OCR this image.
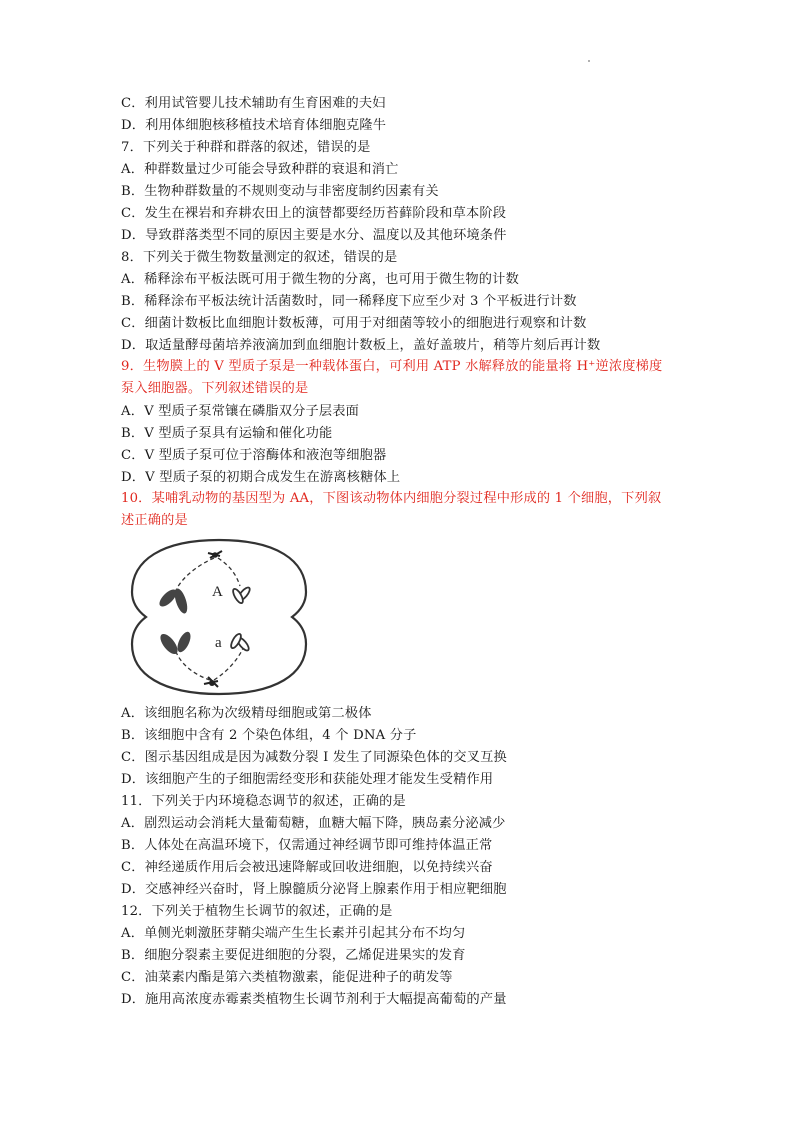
C．利用试管婴儿技术辅助有生育困难的夫妇
D．利用体细胞核移植技术培育体细胞克隆牛
7．下列关于种群和群落的叙述，错误的是
A．种群数量过少可能会导致种群的衰退和消亡
B．生物种群数量的不规则变动与非密度制约因素有关
C．发生在裸岩和弃耕农田上的演替都要经历苔藓阶段和草本阶段
D．导致群落类型不同的原因主要是水分、温度以及其他环境条件
8．下列关于微生物数量测定的叙述，错误的是
A．稀释涂布平板法既可用于微生物的分离，也可用于微生物的计数
B．稀释涂布平板法统计活菌数时，同一稀释度下应至少对 3 个平板进行计数
C．细菌计数板比血细胞计数板薄，可用于对细菌等较小的细胞进行观察和计数
D．取适量酵母菌培养液滴加到血细胞计数板上，盖好盖玻片，稍等片刻后再计数
9．生物膜上的 V 型质子泵是一种载体蛋白，可利用 ATP 水解释放的能量将 H⁺逆浓度梯度
泵入细胞器。下列叙述错误的是
A．V 型质子泵常镶在磷脂双分子层表面
B．V 型质子泵具有运输和催化功能
C．V 型质子泵可位于溶酶体和液泡等细胞器
D．V 型质子泵的初期合成发生在游离核糖体上
10．某哺乳动物的基因型为 AA，下图该动物体内细胞分裂过程中形成的 1 个细胞，下列叙
述正确的是
A
a
A．该细胞名称为次级精母细胞或第二极体
B．该细胞中含有 2 个染色体组，4 个 DNA 分子
C．图示基因组成是因为减数分裂 I 发生了同源染色体的交叉互换
D．该细胞产生的子细胞需经变形和获能处理才能发生受精作用
11．下列关于内环境稳态调节的叙述，正确的是
A．剧烈运动会消耗大量葡萄糖，血糖大幅下降，胰岛素分泌减少
B．人体处在高温环境下，仅需通过神经调节即可维持体温正常
C．神经递质作用后会被迅速降解或回收进细胞，以免持续兴奋
D．交感神经兴奋时，肾上腺髓质分泌肾上腺素作用于相应靶细胞
12．下列关于植物生长调节的叙述，正确的是
A．单侧光刺激胚芽鞘尖端产生生长素并引起其分布不均匀
B．细胞分裂素主要促进细胞的分裂，乙烯促进果实的发育
C．油菜素内酯是第六类植物激素，能促进种子的萌发等
D．施用高浓度赤霉素类植物生长调节剂利于大幅提高葡萄的产量
